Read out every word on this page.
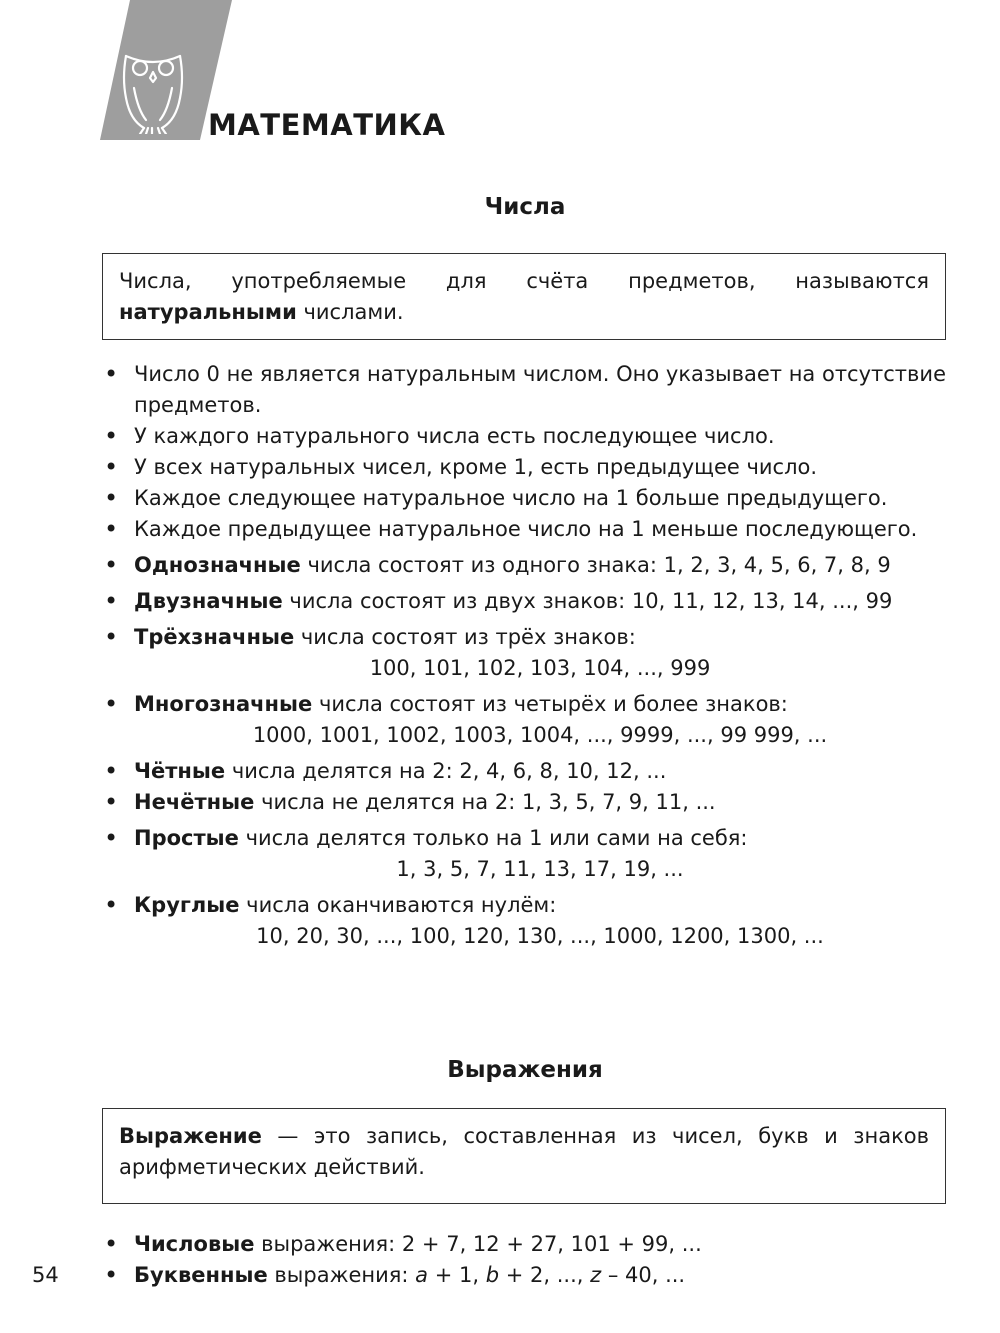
МАТЕМАТИКА
Числа
Числа, употребляемые для счёта предметов, называются натуральными числами.
• Число 0 не является натуральным числом. Оно указывает на отсутствие предметов.
• У каждого натурального числа есть последующее число.
• У всех натуральных чисел, кроме 1, есть предыдущее число.
• Каждое следующее натуральное число на 1 больше предыдущего.
• Каждое предыдущее натуральное число на 1 меньше последующего.
• Однозначные числа состоят из одного знака: 1, 2, 3, 4, 5, 6, 7, 8, 9
• Двузначные числа состоят из двух знаков: 10, 11, 12, 13, 14, ..., 99
• Трёхзначные числа состоят из трёх знаков:
100, 101, 102, 103, 104, ..., 999
• Многозначные числа состоят из четырёх и более знаков:
1000, 1001, 1002, 1003, 1004, ..., 9999, ..., 99 999, ...
• Чётные числа делятся на 2: 2, 4, 6, 8, 10, 12, ...
• Нечётные числа не делятся на 2: 1, 3, 5, 7, 9, 11, ...
• Простые числа делятся только на 1 или сами на себя:
1, 3, 5, 7, 11, 13, 17, 19, ...
• Круглые числа оканчиваются нулём:
10, 20, 30, ..., 100, 120, 130, ..., 1000, 1200, 1300, ...
Выражения
Выражение — это запись, составленная из чисел, букв и знаков арифметических действий.
• Числовые выражения: 2 + 7, 12 + 27, 101 + 99, ...
• Буквенные выражения: a + 1, b + 2, ..., z – 40, ...

54
